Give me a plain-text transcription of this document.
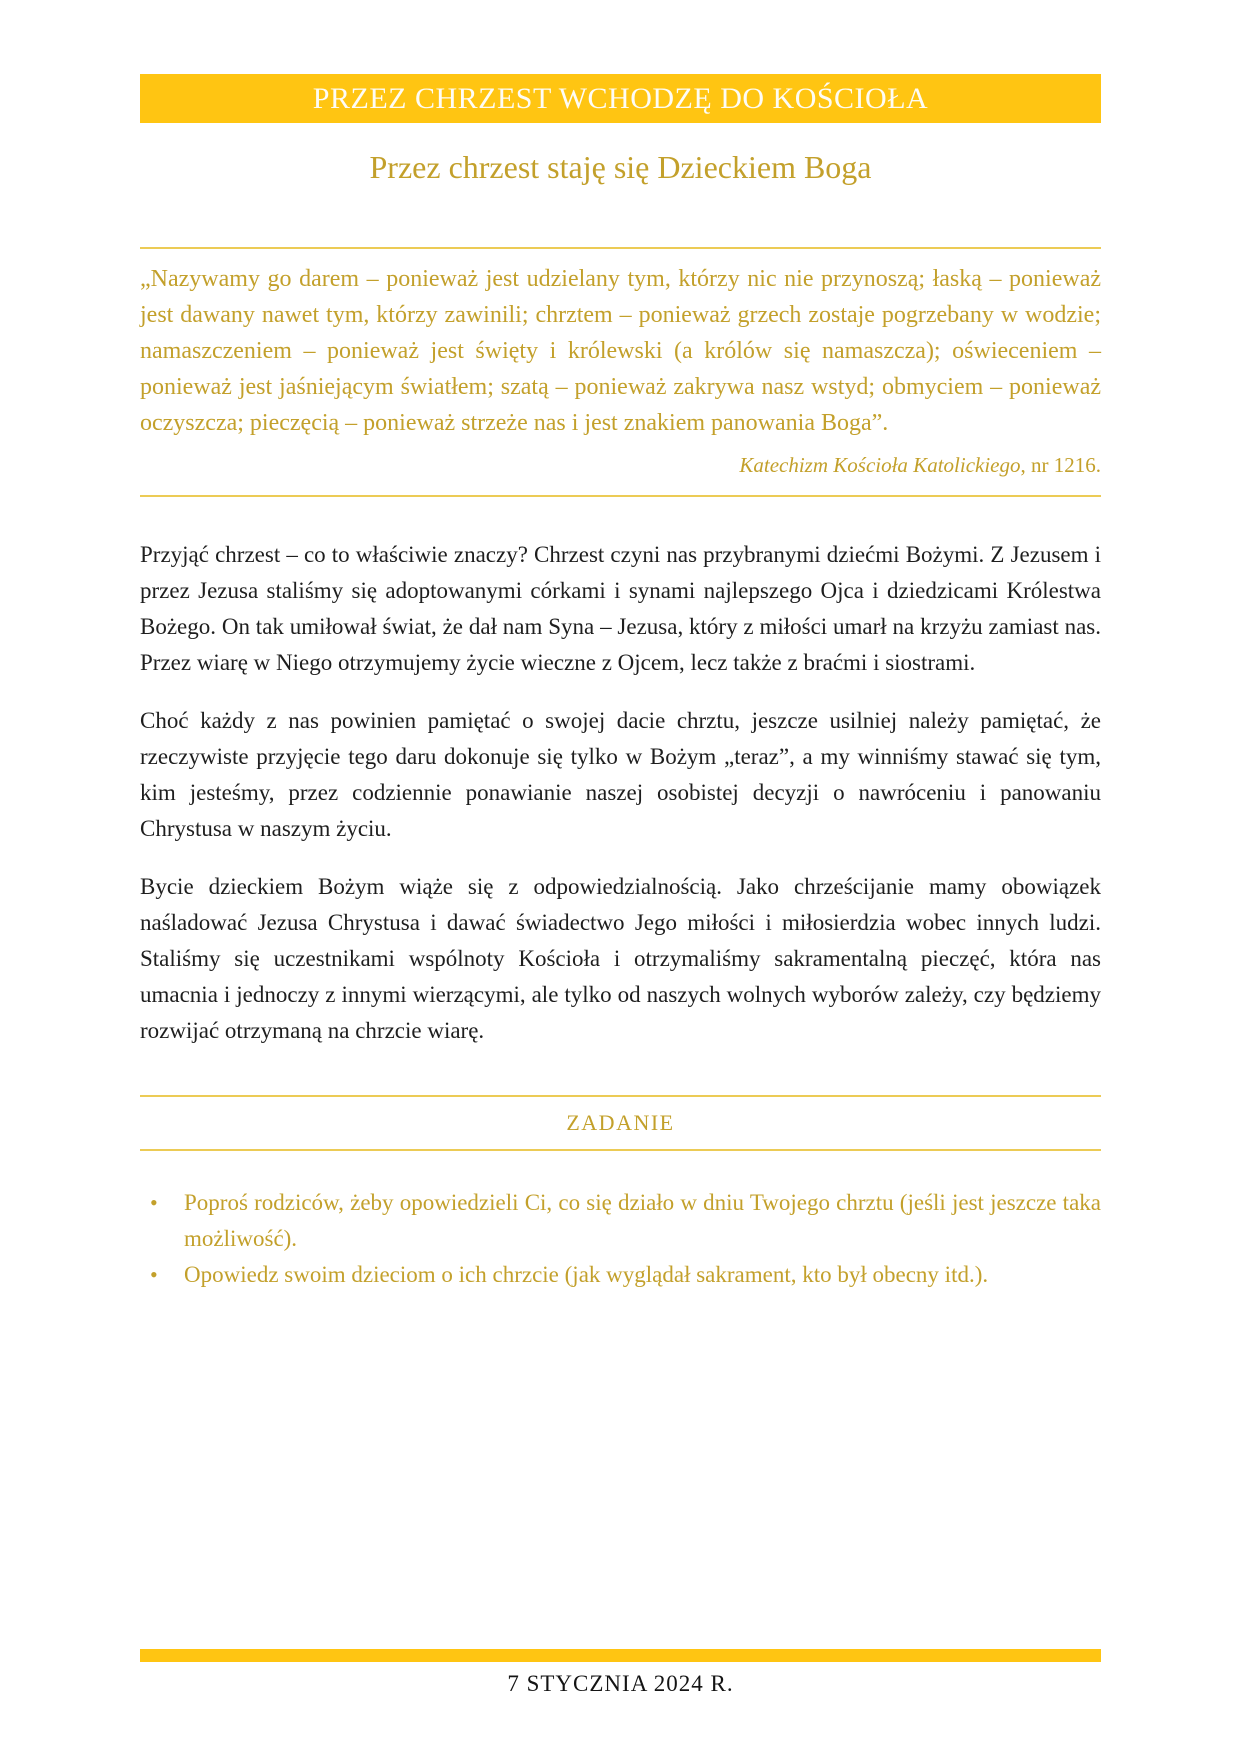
PRZEZ CHRZEST WCHODZĘ DO KOŚCIOŁA
Przez chrzest staję się Dzieckiem Boga

„Nazywamy go darem – ponieważ jest udzielany tym, którzy nic nie przynoszą; łaską – ponieważ jest dawany nawet tym, którzy zawinili; chrztem – ponieważ grzech zostaje pogrzebany w wodzie; namaszczeniem – ponieważ jest święty i królewski (a królów się namaszcza); oświeceniem – ponieważ jest jaśniejącym światłem; szatą – ponieważ zakrywa nasz wstyd; obmyciem – ponieważ oczyszcza; pieczęcią – ponieważ strzeże nas i jest znakiem panowania Boga”.

Katechizm Kościoła Katolickiego, nr 1216.

Przyjąć chrzest – co to właściwie znaczy? Chrzest czyni nas przybranymi dziećmi Bożymi. Z Jezusem i przez Jezusa staliśmy się adoptowanymi córkami i synami najlepszego Ojca i dziedzicami Królestwa Bożego. On tak umiłował świat, że dał nam Syna – Jezusa, który z miłości umarł na krzyżu zamiast nas. Przez wiarę w Niego otrzymujemy życie wieczne z Ojcem, lecz także z braćmi i siostrami.

Choć każdy z nas powinien pamiętać o swojej dacie chrztu, jeszcze usilniej należy pamiętać, że rzeczywiste przyjęcie tego daru dokonuje się tylko w Bożym „teraz”, a my winniśmy stawać się tym, kim jesteśmy, przez codziennie ponawianie naszej osobistej decyzji o nawróceniu i panowaniu Chrystusa w naszym życiu.

Bycie dzieckiem Bożym wiąże się z odpowiedzialnością. Jako chrześcijanie mamy obowiązek naśladować Jezusa Chrystusa i dawać świadectwo Jego miłości i miłosierdzia wobec innych ludzi. Staliśmy się uczestnikami wspólnoty Kościoła i otrzymaliśmy sakramentalną pieczęć, która nas umacnia i jednoczy z innymi wierzącymi, ale tylko od naszych wolnych wyborów zależy, czy będziemy rozwijać otrzymaną na chrzcie wiarę.

ZADANIE
•	Poproś rodziców, żeby opowiedzieli Ci, co się działo w dniu Twojego chrztu (jeśli jest jeszcze taka możliwość).
•	Opowiedz swoim dzieciom o ich chrzcie (jak wyglądał sakrament, kto był obecny itd.).
7 STYCZNIA 2024 R.
